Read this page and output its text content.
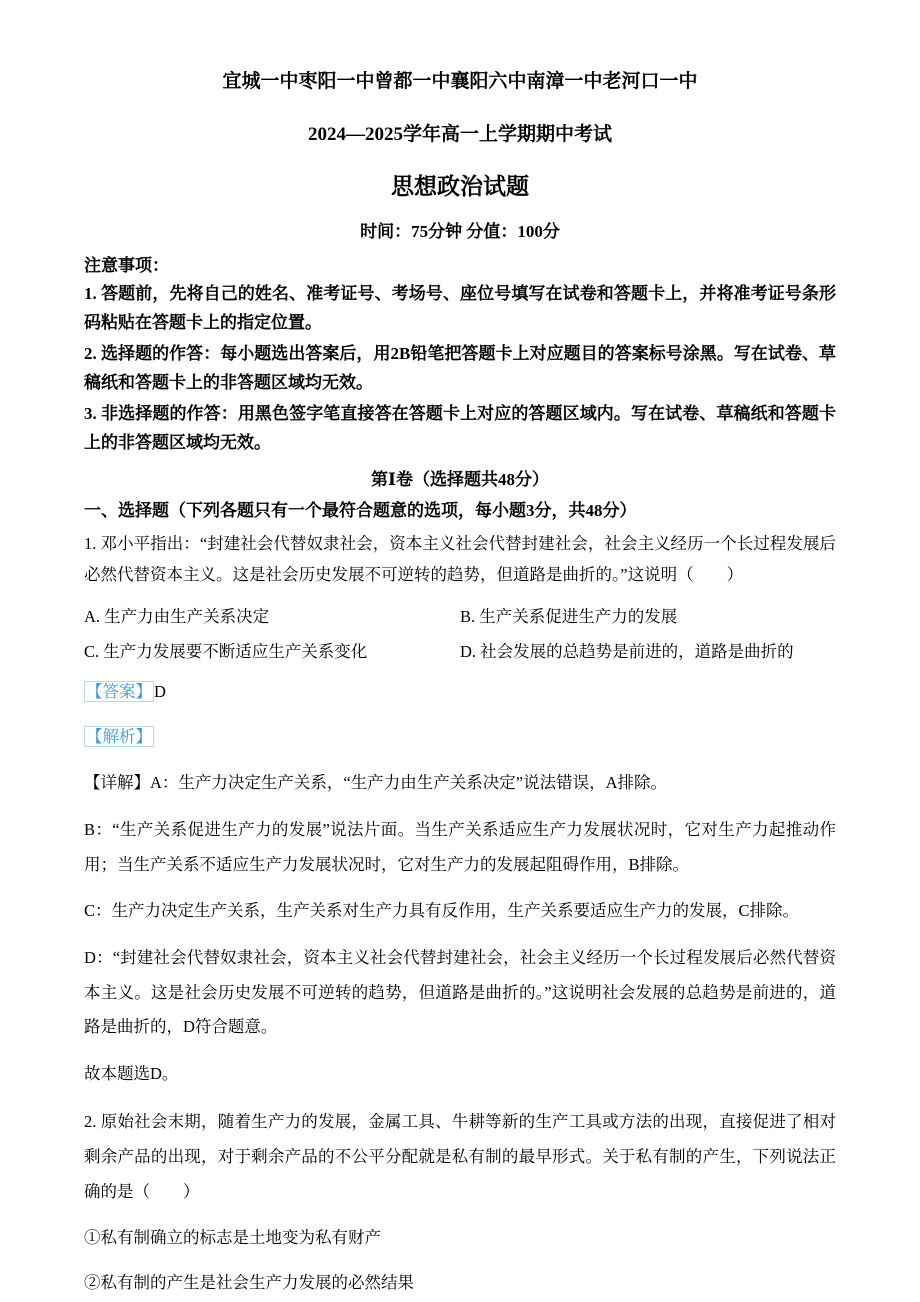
宜城一中枣阳一中曾都一中襄阳六中南漳一中老河口一中
2024—2025学年高一上学期期中考试
思想政治试题
时间：75分钟 分值：100分
注意事项：
1. 答题前，先将自己的姓名、准考证号、考场号、座位号填写在试卷和答题卡上，并将准考证号条形码粘贴在答题卡上的指定位置。
2. 选择题的作答：每小题选出答案后，用2B铅笔把答题卡上对应题目的答案标号涂黑。写在试卷、草稿纸和答题卡上的非答题区域均无效。
3. 非选择题的作答：用黑色签字笔直接答在答题卡上对应的答题区域内。写在试卷、草稿纸和答题卡上的非答题区域均无效。
第Ⅰ卷（选择题共48分）
一、选择题（下列各题只有一个最符合题意的选项，每小题3分，共48分）
1. 邓小平指出：“封建社会代替奴隶社会，资本主义社会代替封建社会，社会主义经历一个长过程发展后必然代替资本主义。这是社会历史发展不可逆转的趋势，但道路是曲折的。”这说明（　　）
A. 生产力由生产关系决定	B. 生产关系促进生产力的发展
C. 生产力发展要不断适应生产关系变化	D. 社会发展的总趋势是前进的，道路是曲折的
【答案】 D
【解析】
【详解】A：生产力决定生产关系，“生产力由生产关系决定”说法错误，A排除。
B：“生产关系促进生产力的发展”说法片面。当生产关系适应生产力发展状况时，它对生产力起推动作用；当生产关系不适应生产力发展状况时，它对生产力的发展起阻碍作用，B排除。
C：生产力决定生产关系，生产关系对生产力具有反作用，生产关系要适应生产力的发展，C排除。
D：“封建社会代替奴隶社会，资本主义社会代替封建社会，社会主义经历一个长过程发展后必然代替资本主义。这是社会历史发展不可逆转的趋势，但道路是曲折的。”这说明社会发展的总趋势是前进的，道路是曲折的，D符合题意。
故本题选D。
2. 原始社会末期，随着生产力的发展，金属工具、牛耕等新的生产工具或方法的出现，直接促进了相对剩余产品的出现，对于剩余产品的不公平分配就是私有制的最早形式。关于私有制的产生，下列说法正确的是（　　）
①私有制确立的标志是土地变为私有财产
②私有制的产生是社会生产力发展的必然结果
